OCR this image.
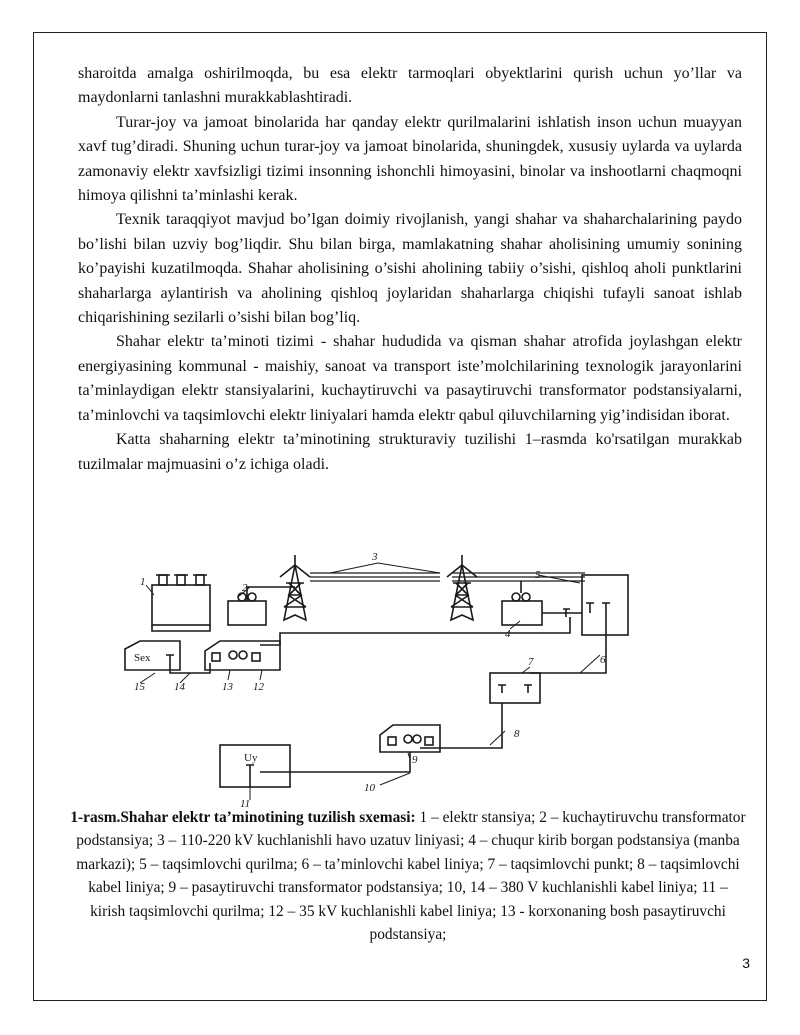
sharoitda amalga oshirilmoqda, bu esa elektr tarmoqlari obyektlarini qurish uchun yo’llar va maydonlarni tanlashni murakkablashtiradi.

Turar-joy va jamoat binolarida har qanday elektr qurilmalarini ishlatish inson uchun muayyan xavf tug’diradi. Shuning uchun turar-joy va jamoat binolarida, shuningdek, xususiy uylarda va uylarda zamonaviy elektr xavfsizligi tizimi insonning ishonchli himoyasini, binolar va inshootlarni chaqmoqni himoya qilishni ta’minlashi kerak.

Texnik taraqqiyot mavjud bo’lgan doimiy rivojlanish, yangi shahar va shaharchalarining paydo bo’lishi bilan uzviy bog’liqdir. Shu bilan birga, mamlakatning shahar aholisining umumiy sonining ko’payishi kuzatilmoqda. Shahar aholisining o’sishi aholining tabiiy o’sishi, qishloq aholi punktlarini shaharlarga aylantirish va aholining qishloq joylaridan shaharlarga chiqishi tufayli sanoat ishlab chiqarishining sezilarli o’sishi bilan bog’liq.

Shahar elektr ta’minoti tizimi - shahar hududida va qisman shahar atrofida joylashgan elektr energiyasining kommunal - maishiy, sanoat va transport iste’molchilarining texnologik jarayonlarini ta’minlaydigan elektr stansiyalarini, kuchaytiruvchi va pasaytiruvchi transformator podstansiyalarni, ta’minlovchi va taqsimlovchi elektr liniyalari hamda elektr qabul qiluvchilarning yig’indisidan iborat.

Katta shaharning elektr ta’minotining strukturaviy tuzilishi 1–rasmda ko'rsatilgan murakkab tuzilmalar majmuasini o’z ichiga oladi.

1	2
3
4
5
6
7
8
9
10
11
12
13
14
15
Sex
Uy
1-rasm.Shahar elektr ta’minotining tuzilish sxemasi: 1 – elektr stansiya; 2 – kuchaytiruvchu transformator podstansiya; 3 – 110-220 kV kuchlanishli havo uzatuv liniyasi; 4 – chuqur kirib borgan podstansiya (manba markazi); 5 – taqsimlovchi qurilma; 6 – ta’minlovchi kabel liniya; 7 – taqsimlovchi punkt; 8 – taqsimlovchi kabel liniya; 9 – pasaytiruvchi transformator podstansiya; 10, 14 – 380 V kuchlanishli kabel liniya; 11 – kirish taqsimlovchi qurilma; 12 – 35 kV kuchlanishli kabel liniya; 13 - korxonaning bosh pasaytiruvchi podstansiya;
3
